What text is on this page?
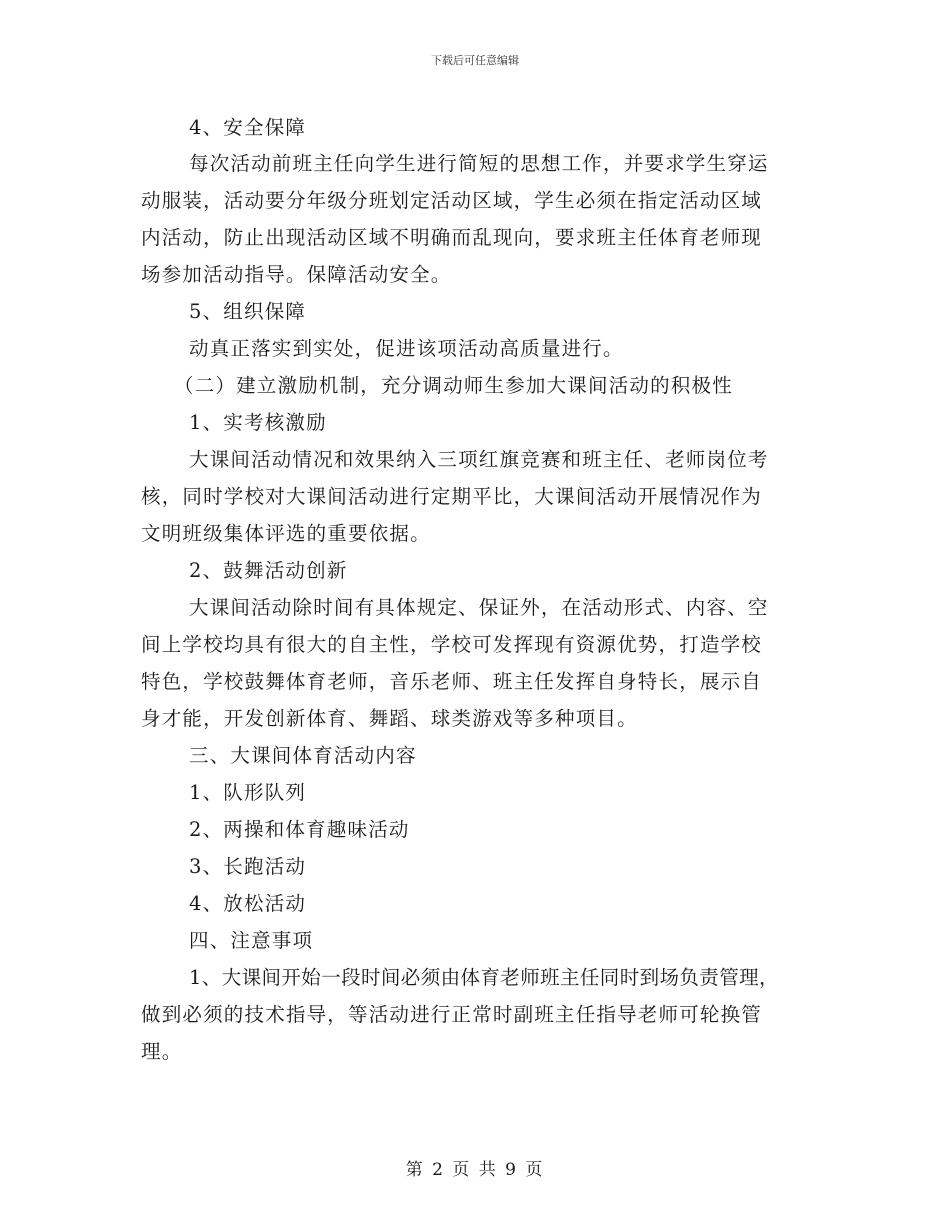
下载后可任意编辑
4、安全保障
每次活动前班主任向学生进行简短的思想工作，并要求学生穿运
动服装，活动要分年级分班划定活动区域，学生必须在指定活动区域
内活动，防止出现活动区域不明确而乱现向，要求班主任体育老师现
场参加活动指导。保障活动安全。
5、组织保障
动真正落实到实处，促进该项活动高质量进行。
（二）建立激励机制，充分调动师生参加大课间活动的积极性
1、实考核激励
大课间活动情况和效果纳入三项红旗竞赛和班主任、老师岗位考
核，同时学校对大课间活动进行定期平比，大课间活动开展情况作为
文明班级集体评选的重要依据。
2、鼓舞活动创新
大课间活动除时间有具体规定、保证外，在活动形式、内容、空
间上学校均具有很大的自主性，学校可发挥现有资源优势，打造学校
特色，学校鼓舞体育老师，音乐老师、班主任发挥自身特长，展示自
身才能，开发创新体育、舞蹈、球类游戏等多种项目。
三、大课间体育活动内容
1、队形队列
2、两操和体育趣味活动
3、长跑活动
4、放松活动
四、注意事项
1、大课间开始一段时间必须由体育老师班主任同时到场负责管理，
做到必须的技术指导，等活动进行正常时副班主任指导老师可轮换管
理。
第 2 页 共 9 页
